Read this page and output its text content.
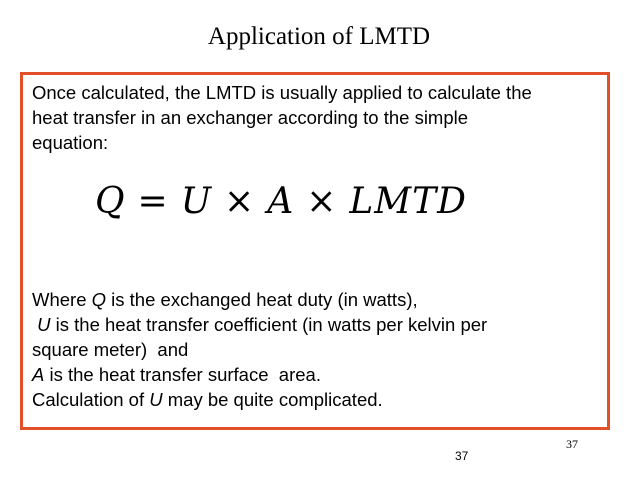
Application of LMTD
Once calculated, the LMTD is usually applied to calculate the
heat transfer in an exchanger according to the simple
equation:
Q = U × A × LMTD
Where Q is the exchanged heat duty (in watts),
U is the heat transfer coefficient (in watts per kelvin per
square meter)  and
A is the heat transfer surface  area.
Calculation of U may be quite complicated.
37
37
